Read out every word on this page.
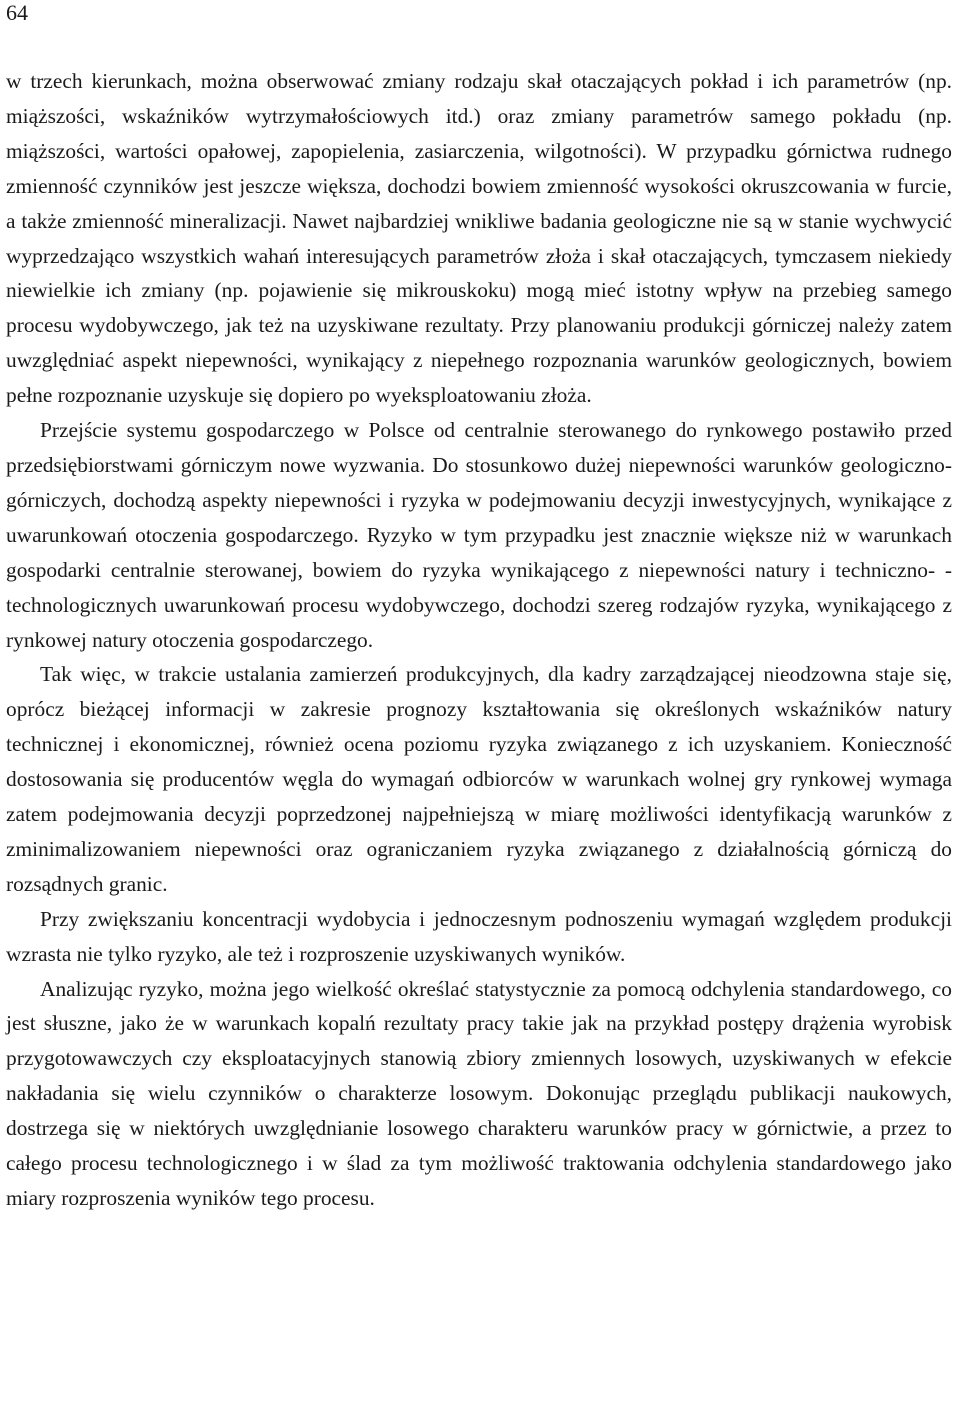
64

w trzech kierunkach, można obserwować zmiany rodzaju skał otaczających pokład i ich parametrów (np. miąższości, wskaźników wytrzymałościowych itd.) oraz zmiany parametrów samego pokładu (np. miąższości, wartości opałowej, zapopielenia, zasiarczenia, wilgotności). W przypadku górnictwa rudnego zmienność czynników jest jeszcze większa, dochodzi bowiem zmienność wysokości okruszcowania w furcie, a także zmienność mineralizacji. Nawet najbardziej wnikliwe badania geologiczne nie są w stanie wychwycić wyprzedzająco wszystkich wahań interesujących parametrów złoża i skał otaczających, tymczasem niekiedy niewielkie ich zmiany (np. pojawienie się mikrouskoku) mogą mieć istotny wpływ na przebieg samego procesu wydobywczego, jak też na uzyskiwane rezultaty. Przy planowaniu produkcji górniczej należy zatem uwzględniać aspekt niepewności, wynikający z niepełnego rozpoznania warunków geologicznych, bowiem pełne rozpoznanie uzyskuje się dopiero po wyeksploatowaniu złoża.

Przejście systemu gospodarczego w Polsce od centralnie sterowanego do rynkowego postawiło przed przedsiębiorstwami górniczym nowe wyzwania. Do stosunkowo dużej niepewności warunków geologiczno-górniczych, dochodzą aspekty niepewności i ryzyka w podejmowaniu decyzji inwestycyjnych, wynikające z uwarunkowań otoczenia gospodarczego. Ryzyko w tym przypadku jest znacznie większe niż w warunkach gospodarki centralnie sterowanej, bowiem do ryzyka wynikającego z niepewności natury i techniczno- -technologicznych uwarunkowań procesu wydobywczego, dochodzi szereg rodzajów ryzyka, wynikającego z rynkowej natury otoczenia gospodarczego.

Tak więc, w trakcie ustalania zamierzeń produkcyjnych, dla kadry zarządzającej nieodzowna staje się, oprócz bieżącej informacji w zakresie prognozy kształtowania się określonych wskaźników natury technicznej i ekonomicznej, również ocena poziomu ryzyka związanego z ich uzyskaniem. Konieczność dostosowania się producentów węgla do wymagań odbiorców w warunkach wolnej gry rynkowej wymaga zatem podejmowania decyzji poprzedzonej najpełniejszą w miarę możliwości identyfikacją warunków z zminimalizowaniem niepewności oraz ograniczaniem ryzyka związanego z działalnością górniczą do rozsądnych granic.

Przy zwiększaniu koncentracji wydobycia i jednoczesnym podnoszeniu wymagań względem produkcji wzrasta nie tylko ryzyko, ale też i rozproszenie uzyskiwanych wyników.

Analizując ryzyko, można jego wielkość określać statystycznie za pomocą odchylenia standardowego, co jest słuszne, jako że w warunkach kopalń rezultaty pracy takie jak na przykład postępy drążenia wyrobisk przygotowawczych czy eksploatacyjnych stanowią zbiory zmiennych losowych, uzyskiwanych w efekcie nakładania się wielu czynników o charakterze losowym. Dokonując przeglądu publikacji naukowych, dostrzega się w niektórych uwzględnianie losowego charakteru warunków pracy w górnictwie, a przez to całego procesu technologicznego i w ślad za tym możliwość traktowania odchylenia standardowego jako miary rozproszenia wyników tego procesu.
